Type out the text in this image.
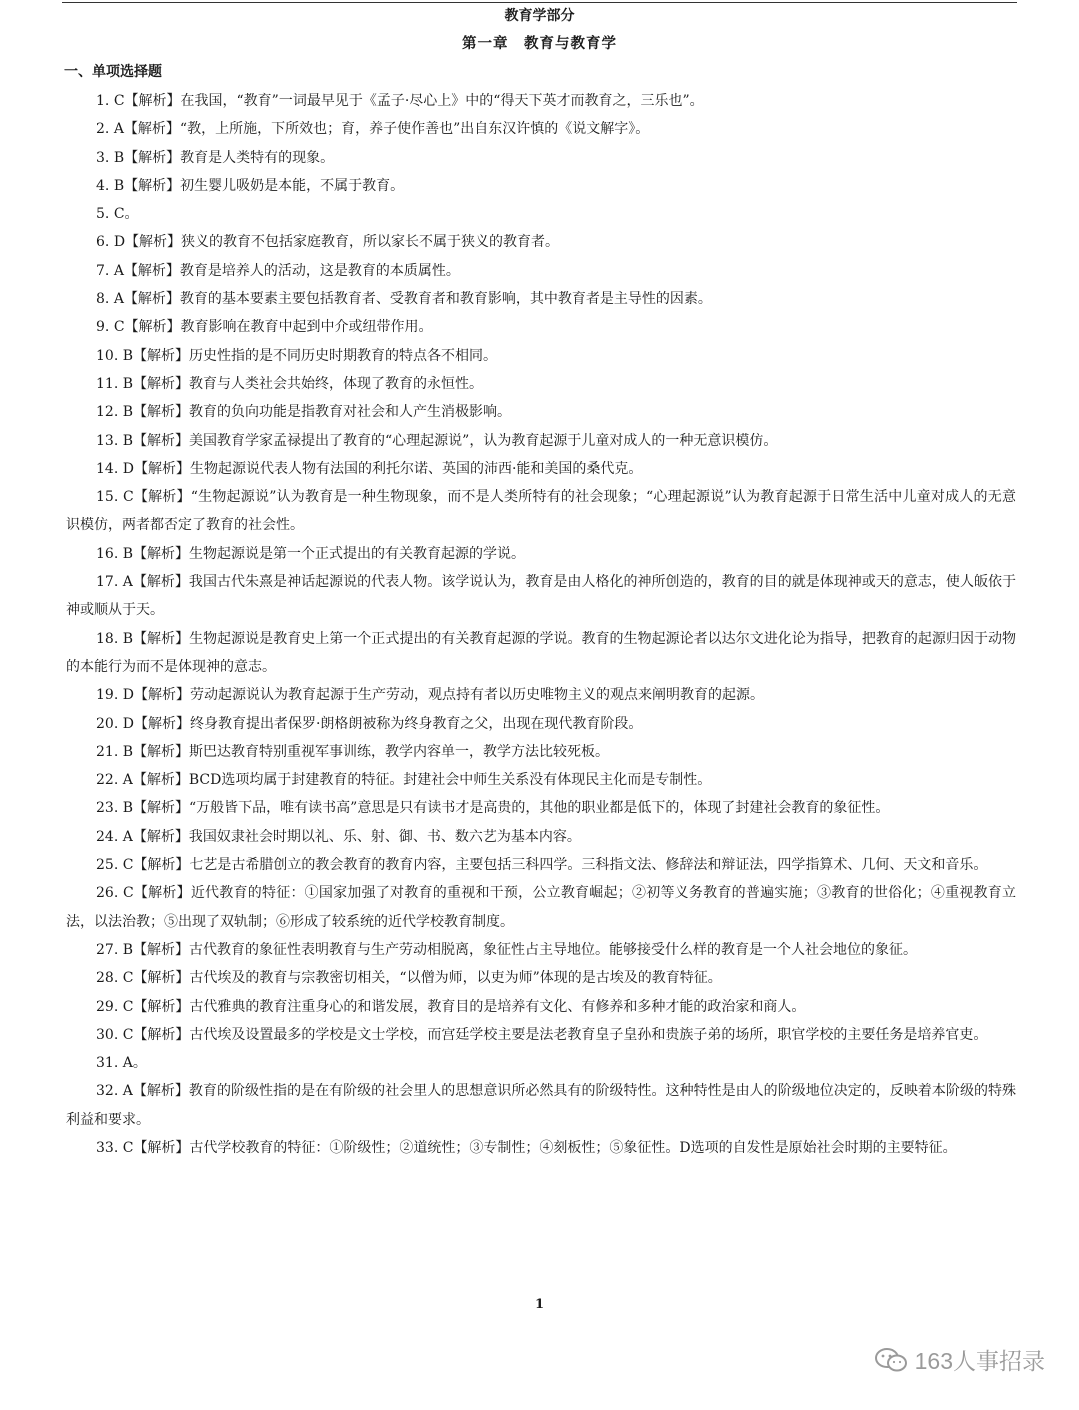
教育学部分
第一章　教育与教育学
一、单项选择题
1. C【解析】在我国，“教育”一词最早见于《孟子·尽心上》中的“得天下英才而教育之，三乐也”。
2. A【解析】“教，上所施，下所效也；育，养子使作善也”出自东汉许慎的《说文解字》。
3. B【解析】教育是人类特有的现象。
4. B【解析】初生婴儿吸奶是本能，不属于教育。
5. C。
6. D【解析】狭义的教育不包括家庭教育，所以家长不属于狭义的教育者。
7. A【解析】教育是培养人的活动，这是教育的本质属性。
8. A【解析】教育的基本要素主要包括教育者、受教育者和教育影响，其中教育者是主导性的因素。
9. C【解析】教育影响在教育中起到中介或纽带作用。
10. B【解析】历史性指的是不同历史时期教育的特点各不相同。
11. B【解析】教育与人类社会共始终，体现了教育的永恒性。
12. B【解析】教育的负向功能是指教育对社会和人产生消极影响。
13. B【解析】美国教育学家孟禄提出了教育的“心理起源说”，认为教育起源于儿童对成人的一种无意识模仿。
14. D【解析】生物起源说代表人物有法国的利托尔诺、英国的沛西·能和美国的桑代克。
15. C【解析】“生物起源说”认为教育是一种生物现象，而不是人类所特有的社会现象；“心理起源说”认为教育起源于日常生活中儿童对成人的无意识模仿，两者都否定了教育的社会性。
16. B【解析】生物起源说是第一个正式提出的有关教育起源的学说。
17. A【解析】我国古代朱熹是神话起源说的代表人物。该学说认为，教育是由人格化的神所创造的，教育的目的就是体现神或天的意志，使人皈依于神或顺从于天。
18. B【解析】生物起源说是教育史上第一个正式提出的有关教育起源的学说。教育的生物起源论者以达尔文进化论为指导，把教育的起源归因于动物的本能行为而不是体现神的意志。
19. D【解析】劳动起源说认为教育起源于生产劳动，观点持有者以历史唯物主义的观点来阐明教育的起源。
20. D【解析】终身教育提出者保罗·朗格朗被称为终身教育之父，出现在现代教育阶段。
21. B【解析】斯巴达教育特别重视军事训练，教学内容单一，教学方法比较死板。
22. A【解析】BCD选项均属于封建教育的特征。封建社会中师生关系没有体现民主化而是专制性。
23. B【解析】“万般皆下品，唯有读书高”意思是只有读书才是高贵的，其他的职业都是低下的，体现了封建社会教育的象征性。
24. A【解析】我国奴隶社会时期以礼、乐、射、御、书、数六艺为基本内容。
25. C【解析】七艺是古希腊创立的教会教育的教育内容，主要包括三科四学。三科指文法、修辞法和辩证法，四学指算术、几何、天文和音乐。
26. C【解析】近代教育的特征：①国家加强了对教育的重视和干预，公立教育崛起；②初等义务教育的普遍实施；③教育的世俗化；④重视教育立法，以法治教；⑤出现了双轨制；⑥形成了较系统的近代学校教育制度。
27. B【解析】古代教育的象征性表明教育与生产劳动相脱离，象征性占主导地位。能够接受什么样的教育是一个人社会地位的象征。
28. C【解析】古代埃及的教育与宗教密切相关，“以僧为师，以吏为师”体现的是古埃及的教育特征。
29. C【解析】古代雅典的教育注重身心的和谐发展，教育目的是培养有文化、有修养和多种才能的政治家和商人。
30. C【解析】古代埃及设置最多的学校是文士学校，而宫廷学校主要是法老教育皇子皇孙和贵族子弟的场所，职官学校的主要任务是培养官吏。
31. A。
32. A【解析】教育的阶级性指的是在有阶级的社会里人的思想意识所必然具有的阶级特性。这种特性是由人的阶级地位决定的，反映着本阶级的特殊利益和要求。
33. C【解析】古代学校教育的特征：①阶级性；②道统性；③专制性；④刻板性；⑤象征性。D选项的自发性是原始社会时期的主要特征。
1
163人事招录
